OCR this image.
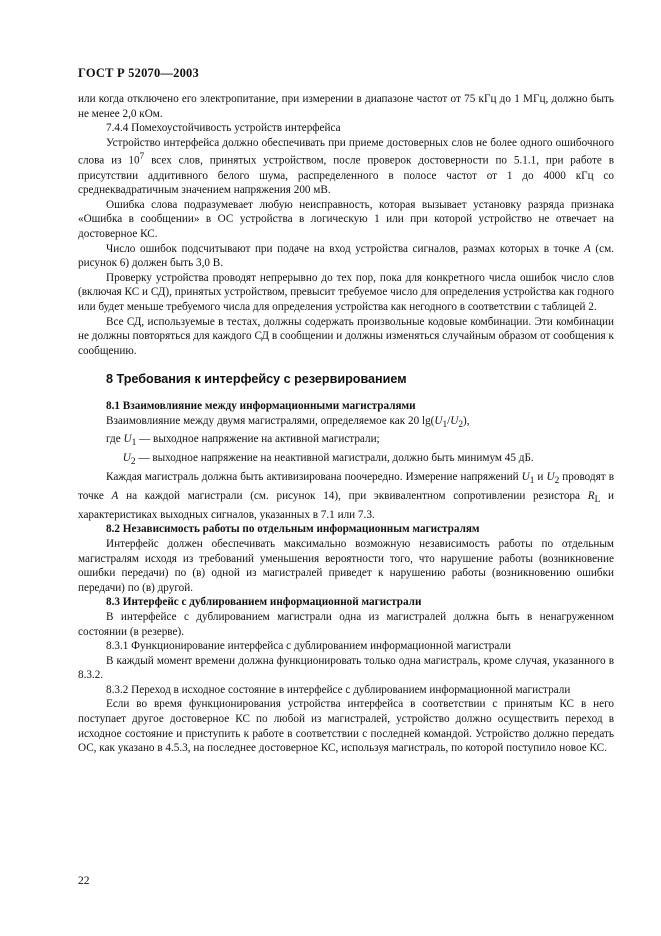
ГОСТ Р 52070—2003

или когда отключено его электропитание, при измерении в диапазоне частот от 75 кГц до 1 МГц, должно быть не менее 2,0 кОм.

7.4.4 Помехоустойчивость устройств интерфейса

Устройство интерфейса должно обеспечивать при приеме достоверных слов не более одного ошибочного слова из $10^7$ всех слов, принятых устройством, после проверок достоверности по 5.1.1, при работе в присутствии аддитивного белого шума, распределенного в полосе частот от 1 до 4000 кГц со среднеквадратичным значением напряжения 200 мВ.

Ошибка слова подразумевает любую неисправность, которая вызывает установку разряда признака «Ошибка в сообщении» в ОС устройства в логическую 1 или при которой устройство не отвечает на достоверное КС.

Число ошибок подсчитывают при подаче на вход устройства сигналов, размах которых в точке А (см. рисунок 6) должен быть 3,0 В.

Проверку устройства проводят непрерывно до тех пор, пока для конкретного числа ошибок число слов (включая КС и СД), принятых устройством, превысит требуемое число для определения устройства как годного или будет меньше требуемого числа для определения устройства как негодного в соответствии с таблицей 2.

Все СД, используемые в тестах, должны содержать произвольные кодовые комбинации. Эти комбинации не должны повторяться для каждого СД в сообщении и должны изменяться случайным образом от сообщения к сообщению.

8 Требования к интерфейсу с резервированием

8.1 Взаимовлияние между информационными магистралями

Взаимовлияние между двумя магистралями, определяемое как 20 $\lg(U_1/U_2)$,

где $U_1$ — выходное напряжение на активной магистрали;

$U_2$ — выходное напряжение на неактивной магистрали, должно быть минимум 45 дБ.

Каждая магистраль должна быть активизирована поочередно. Измерение напряжений $U_1$ и $U_2$ проводят в точке А на каждой магистрали (см. рисунок 14), при эквивалентном сопротивлении резистора $R_L$ и характеристиках выходных сигналов, указанных в 7.1 или 7.3.

8.2 Независимость работы по отдельным информационным магистралям

Интерфейс должен обеспечивать максимально возможную независимость работы по отдельным магистралям исходя из требований уменьшения вероятности того, что нарушение работы (возникновение ошибки передачи) по (в) одной из магистралей приведет к нарушению работы (возникновению ошибки передачи) по (в) другой.

8.3 Интерфейс с дублированием информационной магистрали

В интерфейсе с дублированием магистрали одна из магистралей должна быть в ненагруженном состоянии (в резерве).

8.3.1 Функционирование интерфейса с дублированием информационной магистрали

В каждый момент времени должна функционировать только одна магистраль, кроме случая, указанного в 8.3.2.

8.3.2 Переход в исходное состояние в интерфейсе с дублированием информационной магистрали

Если во время функционирования устройства интерфейса в соответствии с принятым КС в него поступает другое достоверное КС по любой из магистралей, устройство должно осуществить переход в исходное состояние и приступить к работе в соответствии с последней командой. Устройство должно передать ОС, как указано в 4.5.3, на последнее достоверное КС, используя магистраль, по которой поступило новое КС.

22
